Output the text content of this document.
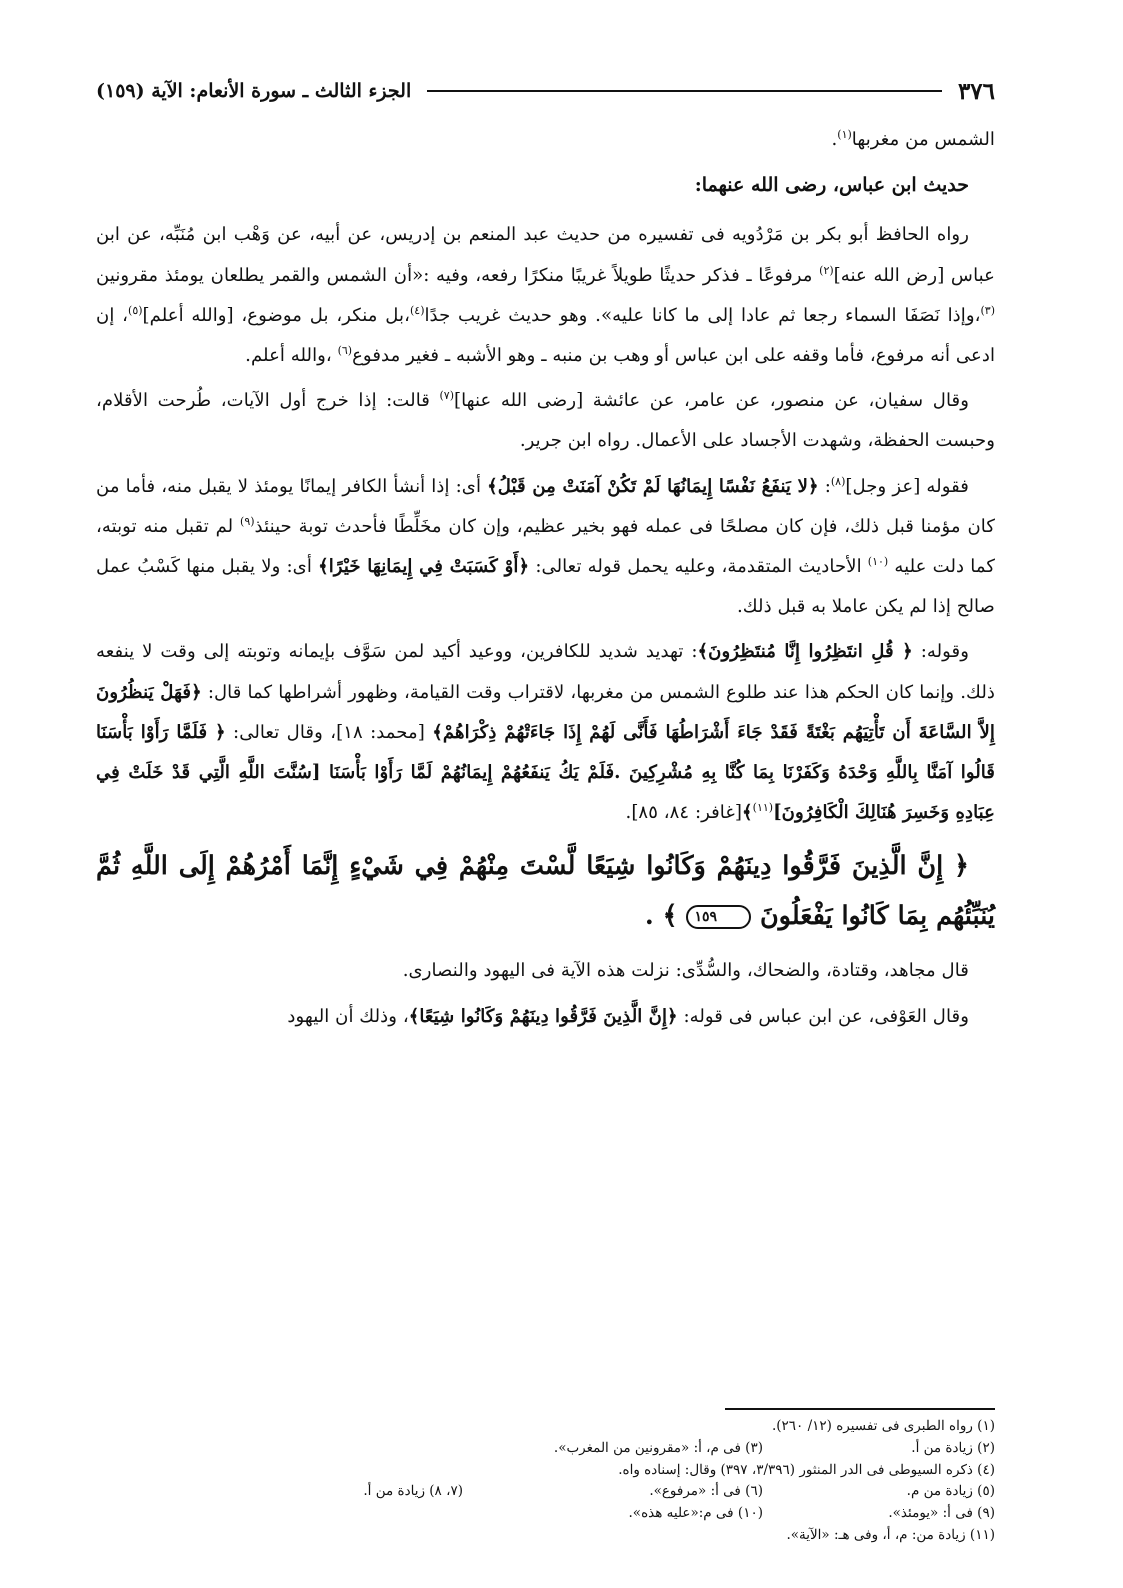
٣٧٦
الجزء الثالث ـ سورة الأنعام: الآية (١٥٩)

الشمس من مغربها$^{(١)}$.

حديث ابن عباس، رضى الله عنهما:

رواه الحافظ أبو بكر بن مَرْدُويه فى تفسيره من حديث عبد المنعم بن إدريس، عن أبيه، عن وَهْب ابن مُنَبِّه، عن ابن عباس [رض الله عنه]$^{(٢)}$ مرفوعًا ـ فذكر حديثًا طويلاً غريبًا منكرًا رفعه، وفيه :«أن الشمس والقمر يطلعان يومئذ مقرونين $^{(٣)}$،وإذا نَصَفَا السماء رجعا ثم عادا إلى ما كانا عليه». وهو حديث غريب جدًا$^{(٤)}$،بل منكر، بل موضوع، [والله أعلم]$^{(٥)}$، إن ادعى أنه مرفوع، فأما وقفه على ابن عباس أو وهب بن منبه ـ وهو الأشبه ـ فغير مدفوع$^{(٦)}$ ،والله أعلم.

وقال سفيان، عن منصور، عن عامر، عن عائشة [رضى الله عنها]$^{(٧)}$ قالت: إذا خرج أول الآيات، طُرحت الأقلام، وحبست الحفظة، وشهدت الأجساد على الأعمال. رواه ابن جرير.

فقوله [عز وجل]$^{(٨)}$: ﴿لا يَنفَعُ نَفْسًا إِيمَانُهَا لَمْ تَكُنْ آمَنَتْ مِن قَبْلُ﴾ أى: إذا أنشأ الكافر إيمانًا يومئذ لا يقبل منه، فأما من كان مؤمنا قبل ذلك، فإن كان مصلحًا فى عمله فهو بخير عظيم، وإن كان مخَلِّطًا فأحدث توبة حينئذ$^{(٩)}$ لم تقبل منه توبته، كما دلت عليه $^{(١٠)}$ الأحاديث المتقدمة، وعليه يحمل قوله تعالى: ﴿أَوْ كَسَبَتْ فِي إِيمَانِهَا خَيْرًا﴾ أى: ولا يقبل منها كَسْبُ عمل صالح إذا لم يكن عاملا به قبل ذلك.

وقوله: ﴿ قُلِ انتَظِرُوا إِنَّا مُنتَظِرُونَ﴾: تهديد شديد للكافرين، ووعيد أكيد لمن سَوَّف بإيمانه وتوبته إلى وقت لا ينفعه ذلك. وإنما كان الحكم هذا عند طلوع الشمس من مغربها، لاقتراب وقت القيامة، وظهور أشراطها كما قال: ﴿فَهَلْ يَنظُرُونَ إِلاَّ السَّاعَةَ أَن تَأْتِيَهُم بَغْتَةً فَقَدْ جَاءَ أَشْرَاطُهَا فَأَنَّى لَهُمْ إِذَا جَاءَتْهُمْ ذِكْرَاهُمْ﴾ [محمد: ١٨]، وقال تعالى: ﴿ فَلَمَّا رَأَوْا بَأْسَنَا قَالُوا آمَنَّا بِاللَّهِ وَحْدَهُ وَكَفَرْنَا بِمَا كُنَّا بِهِ مُشْرِكِينَ .فَلَمْ يَكُ يَنفَعُهُمْ إِيمَانُهُمْ لَمَّا رَأَوْا بَأْسَنَا [سُنَّتَ اللَّهِ الَّتِي قَدْ خَلَتْ فِي عِبَادِهِ وَخَسِرَ هُنَالِكَ الْكَافِرُونَ]$^{(١١)}$﴾[غافر: ٨٤، ٨٥].

﴿ إِنَّ الَّذِينَ فَرَّقُوا دِينَهُمْ وَكَانُوا شِيَعًا لَّسْتَ مِنْهُمْ فِي شَيْءٍ إِنَّمَا أَمْرُهُمْ إِلَى اللَّهِ ثُمَّ يُنَبِّئُهُم بِمَا كَانُوا يَفْعَلُونَ ١٥٩ ﴾ .

قال مجاهد، وقتادة، والضحاك، والسُّدِّى: نزلت هذه الآية فى اليهود والنصارى.

وقال العَوْفى، عن ابن عباس فى قوله: ﴿إِنَّ الَّذِينَ فَرَّقُوا دِينَهُمْ وَكَانُوا شِيَعًا﴾، وذلك أن اليهود

(١) رواه الطبرى فى تفسيره (١٢/ ٢٦٠).
(٢) زيادة من أ.
(٣) فى م، أ: «مقرونين من المغرب».
(٤) ذكره السيوطى فى الدر المنثور (٣/٣٩٦، ٣٩٧) وقال: إسناده واه.
(٥) زيادة من م.
(٦) فى أ: «مرفوع».
(٧، ٨) زيادة من أ.
(٩) فى أ: «يومئذ».
(١٠) فى م:«عليه هذه».
(١١) زيادة من: م، أ، وفى هـ: «الآية».
